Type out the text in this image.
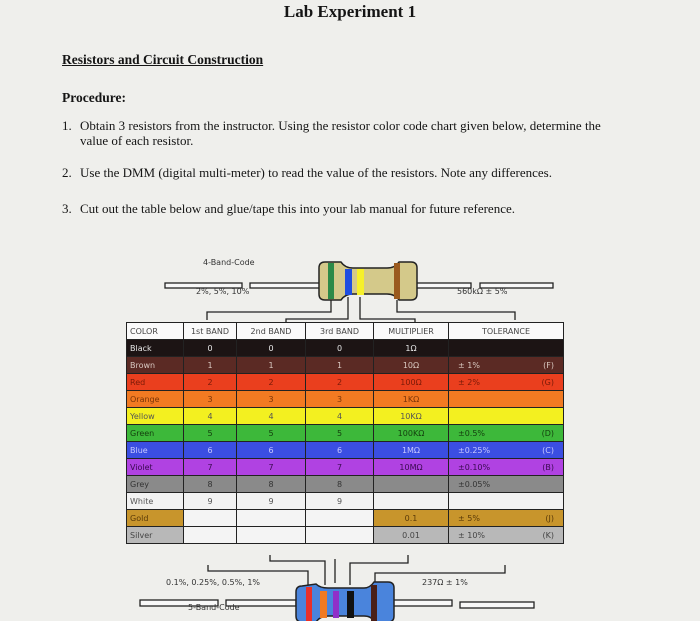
Lab Experiment 1
Resistors and Circuit Construction
Procedure:
1. Obtain 3 resistors from the instructor. Using the resistor color code chart given below, determine the value of each resistor.
2. Use the DMM (digital multi-meter) to read the value of the resistors. Note any differences.
3. Cut out the table below and glue/tape this into your lab manual for future reference.
4-Band-Code
2%, 5%, 10%	560kΩ ± 5%
COLOR	1st BAND	2nd BAND	3rd BAND	MULTIPLIER	TOLERANCE
Black	0	0	0	1Ω	

Brown	1	1	1	10Ω	± 1% (F)

Red	2	2	2	100Ω	± 2% (G)

Orange	3	3	3	1KΩ	

Yellow	4	4	4	10KΩ	

Green	5	5	5	100KΩ	±0.5% (D)

Blue	6	6	6	1MΩ	±0.25% (C)

Violet	7	7	7	10MΩ	±0.10% (B)

Grey	8	8	8		±0.05%

White	9	9	9		

Gold				0.1	± 5% (J)

Silver				0.01	± 10% (K)
0.1%, 0.25%, 0.5%, 1%
5-Band-Code
237Ω ± 1%
